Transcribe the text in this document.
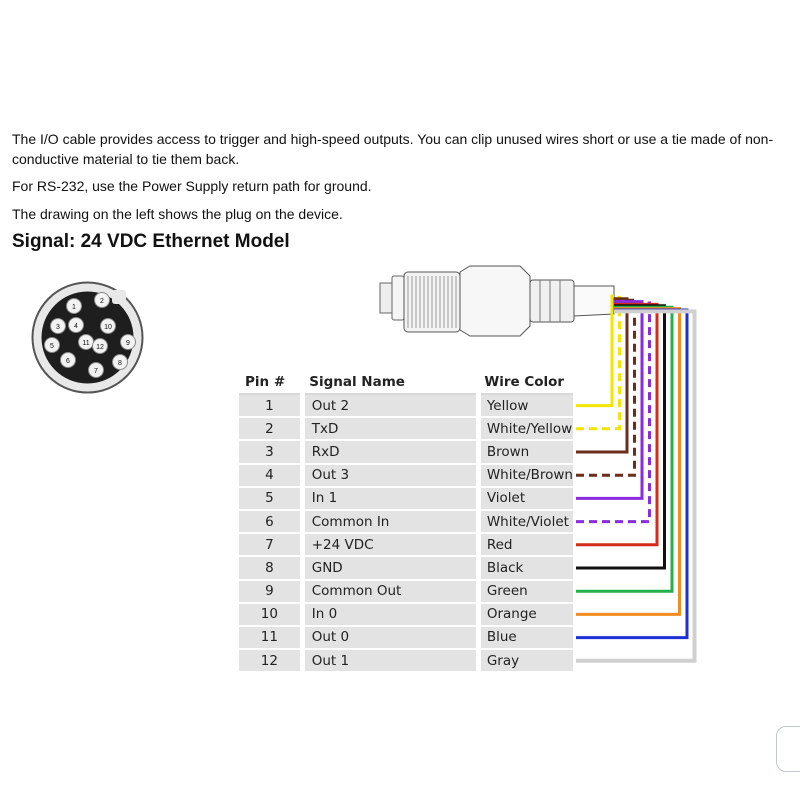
The I/O cable provides access to trigger and high-speed outputs. You can clip unused wires short or use a tie made of non-conductive material to tie them back.

For RS-232, use the Power Supply return path for ground.

The drawing on the left shows the plug on the device.

Signal: 24 VDC Ethernet Model
1
2
3 4
5
6
7
8
9
10
11
12
Pin #	Signal Name	Wire Color
1	Out 2	Yellow
2	TxD	White/Yellow
3	RxD	Brown
4	Out 3	White/Brown
5	In 1	Violet
6	Common In	White/Violet
7	+24 VDC	Red
8	GND	Black
9	Common Out	Green
10	In 0	Orange
11	Out 0	Blue
12	Out 1	Gray
